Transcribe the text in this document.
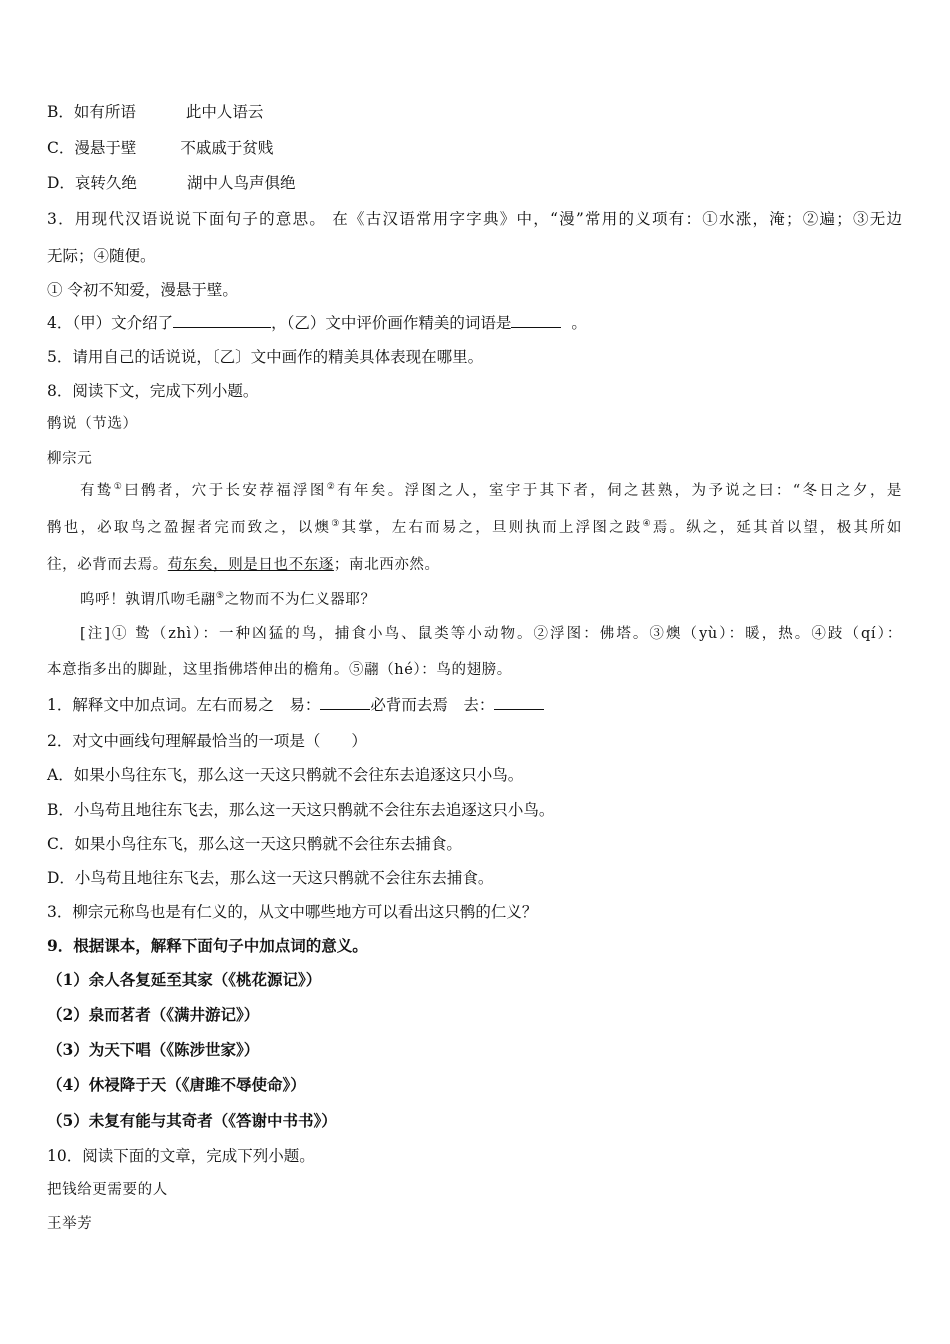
B．如有所语	此中人语云
C．漫悬于壁	不戚戚于贫贱
D．哀转久绝	湖中人鸟声俱绝
3．用现代汉语说说下面句子的意思。 在《古汉语常用字字典》中，“漫”常用的义项有：①水涨，淹；②遍；③无边
无际；④随便。
① 令初不知爱，漫悬于壁。
4．（甲）文介绍了	，（乙）文中评价画作精美的词语是	。
5．请用自己的话说说，〔乙〕文中画作的精美具体表现在哪里。
8．阅读下文，完成下列小题。
鹘说（节选）
柳宗元
有鸷①曰鹘者，穴于长安荐福浮图②有年矣。浮图之人，室宇于其下者，伺之甚熟，为予说之曰：“冬日之夕，是
鹘也，必取鸟之盈握者完而致之，以燠③其掌，左右而易之，旦则执而上浮图之跂④焉。纵之，延其首以望，极其所如
往，必背而去焉。苟东矣，则是日也不东逐；南北西亦然。
呜呼！孰谓爪吻毛翮⑤之物而不为仁义器耶？
[注]① 鸷（zhì）：一种凶猛的鸟，捕食小鸟、鼠类等小动物。②浮图：佛塔。③燠（yù）：暖，热。④跂（qí）：
本意指多出的脚趾，这里指佛塔伸出的檐角。⑤翮（hé）：鸟的翅膀。
1．解释文中加点词。左右而易之　易：	必背而去焉　去：
2．对文中画线句理解最恰当的一项是（　　）
A．如果小鸟往东飞，那么这一天这只鹘就不会往东去追逐这只小鸟。
B．小鸟苟且地往东飞去，那么这一天这只鹘就不会往东去追逐这只小鸟。
C．如果小鸟往东飞，那么这一天这只鹘就不会往东去捕食。
D．小鸟苟且地往东飞去，那么这一天这只鹘就不会往东去捕食。
3．柳宗元称鸟也是有仁义的，从文中哪些地方可以看出这只鹘的仁义？
9．根据课本，解释下面句子中加点词的意义。
（1）余人各复延至其家（《桃花源记》）
（2）泉而茗者（《满井游记》）
（3）为天下唱（《陈涉世家》）
（4）休祲降于天（《唐雎不辱使命》）
（5）未复有能与其奇者（《答谢中书书》）
10．阅读下面的文章，完成下列小题。
把钱给更需要的人
王举芳
